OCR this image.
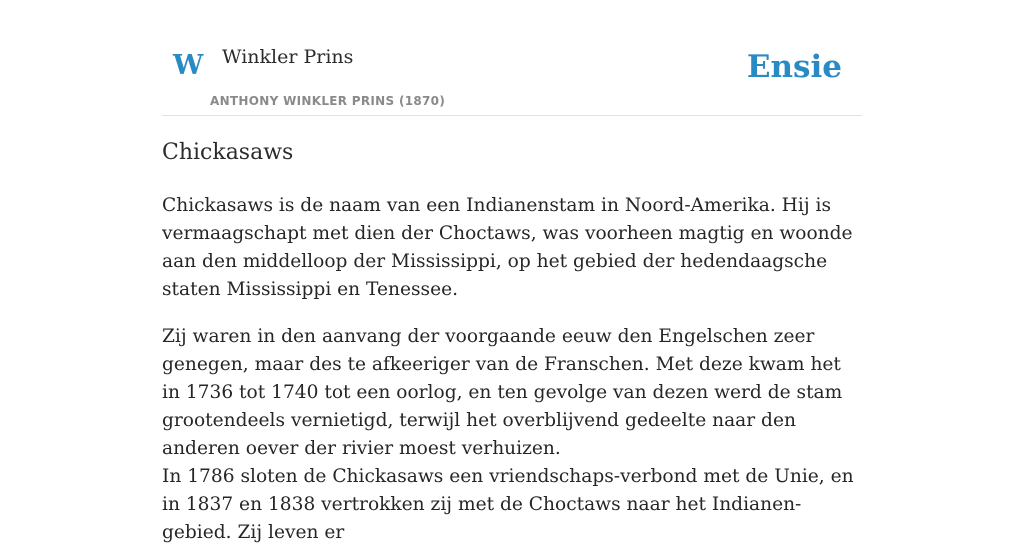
W Winkler Prins
ANTHONY WINKLER PRINS (1870)
Ensie
Chickasaws

Chickasaws is de naam van een Indianenstam in Noord-Amerika. Hij is vermaagschapt met dien der Choctaws, was voorheen magtig en woonde aan den middelloop der Mississippi, op het gebied der hedendaagsche staten Mississippi en Tenessee.

Zij waren in den aanvang der voorgaande eeuw den Engelschen zeer genegen, maar des te afkeeriger van de Franschen. Met deze kwam het in 1736 tot 1740 tot een oorlog, en ten gevolge van dezen werd de stam grootendeels vernietigd, terwijl het overblijvend gedeelte naar den anderen oever der rivier moest verhuizen.

In 1786 sloten de Chickasaws een vriendschaps-verbond met de Unie, en in 1837 en 1838 vertrokken zij met de Choctaws naar het Indianen-gebied. Zij leven er
